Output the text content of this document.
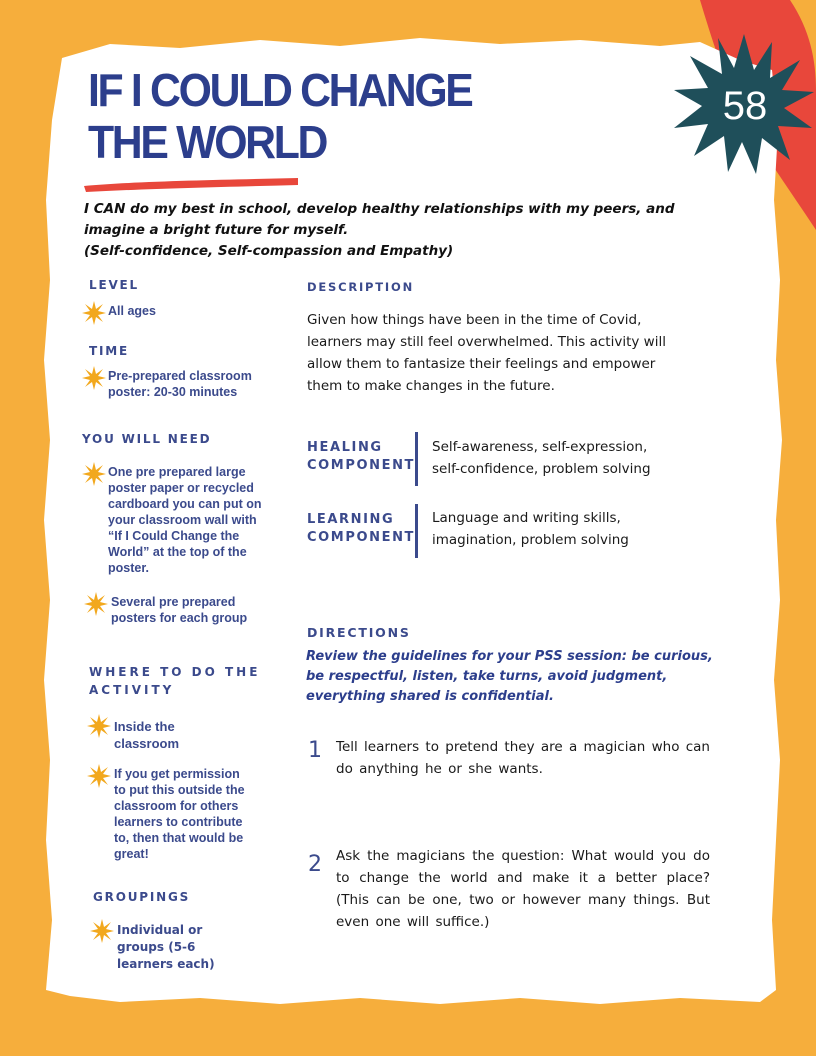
58
IF I COULD CHANGE
THE WORLD
I CAN do my best in school, develop healthy relationships with my peers, and
imagine a bright future for myself.
(Self-confidence, Self-compassion and Empathy)
LEVEL
All ages
TIME
Pre-prepared classroom
poster: 20-30 minutes
YOU WILL NEED
One pre prepared large
poster paper or recycled
cardboard you can put on
your classroom wall with
“If I Could Change the
World” at the top of the
poster.
Several pre prepared
posters for each group
WHERE TO DO THE
ACTIVITY
Inside the
classroom
If you get permission
to put this outside the
classroom for others
learners to contribute
to, then that would be
great!
GROUPINGS
Individual or
groups (5-6
learners each)
DESCRIPTION
Given how things have been in the time of Covid,
learners may still feel overwhelmed. This activity will
allow them to fantasize their feelings and empower
them to make changes in the future.
HEALING
COMPONENT
Self-awareness, self-expression,
self-confidence, problem solving
LEARNING
COMPONENT
Language and writing skills,
imagination, problem solving
DIRECTIONS
Review the guidelines for your PSS session: be curious,
be respectful, listen, take turns, avoid judgment,
everything shared is confidential.
1 Tell learners to pretend they are a magician who can do anything he or she wants.
2 Ask the magicians the question: What would you do to change the world and make it a better place? (This can be one, two or however many things. But even one will suffice.)
